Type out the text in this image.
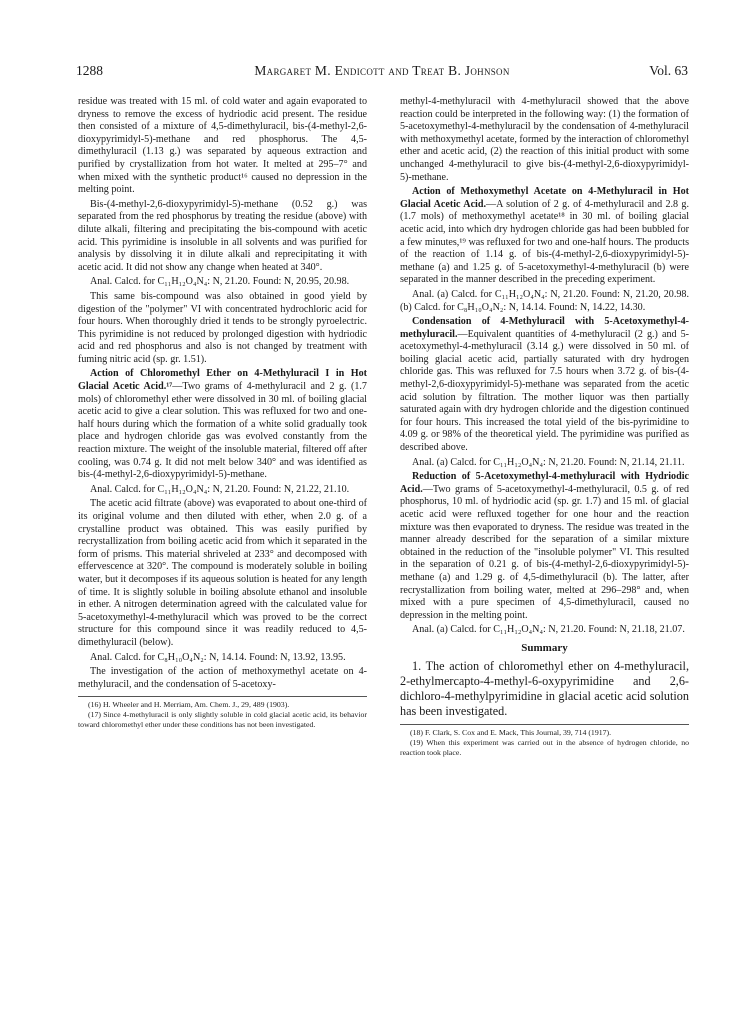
1288	Margaret M. Endicott and Treat B. Johnson	Vol. 63

residue was treated with 15 ml. of cold water and again evaporated to dryness to remove the excess of hydriodic acid present. The residue then consisted of a mixture of 4,5-dimethyluracil, bis-(4-methyl-2,6-dioxypyrimidyl-5)-methane and red phosphorus. The 4,5-dimethyluracil (1.13 g.) was separated by aqueous extraction and purified by crystallization from hot water. It melted at 295–7° and when mixed with the synthetic product¹⁶ caused no depression in the melting point.

Bis-(4-methyl-2,6-dioxypyrimidyl-5)-methane (0.52 g.) was separated from the red phosphorus by treating the residue (above) with dilute alkali, filtering and precipitating the bis-compound with acetic acid. This pyrimidine is insoluble in all solvents and was purified for analysis by dissolving it in dilute alkali and reprecipitating it with acetic acid. It did not show any change when heated at 340°.

Anal. Calcd. for C₁₁H₁₂O₄N₄: N, 21.20. Found: N, 20.95, 20.98.

This same bis-compound was also obtained in good yield by digestion of the "polymer" VI with concentrated hydrochloric acid for four hours. When thoroughly dried it tends to be strongly pyroelectric. This pyrimidine is not reduced by prolonged digestion with hydriodic acid and red phosphorus and also is not changed by treatment with fuming nitric acid (sp. gr. 1.51).

Action of Chloromethyl Ether on 4-Methyluracil I in Hot Glacial Acetic Acid.¹⁷—Two grams of 4-methyluracil and 2 g. (1.7 mols) of chloromethyl ether were dissolved in 30 ml. of boiling glacial acetic acid to give a clear solution. This was refluxed for two and one-half hours during which the formation of a white solid gradually took place and hydrogen chloride gas was evolved constantly from the reaction mixture. The weight of the insoluble material, filtered off after cooling, was 0.74 g. It did not melt below 340° and was identified as bis-(4-methyl-2,6-dioxypyrimidyl-5)-methane.

Anal. Calcd. for C₁₁H₁₂O₄N₄: N, 21.20. Found: N, 21.22, 21.10.

The acetic acid filtrate (above) was evaporated to about one-third of its original volume and then diluted with ether, when 2.0 g. of a crystalline product was obtained. This was easily purified by recrystallization from boiling acetic acid from which it separated in the form of prisms. This material shriveled at 233° and decomposed with effervescence at 320°. The compound is moderately soluble in boiling water, but it decomposes if its aqueous solution is heated for any length of time. It is slightly soluble in boiling absolute ethanol and insoluble in ether. A nitrogen determination agreed with the calculated value for 5-acetoxymethyl-4-methyluracil which was proved to be the correct structure for this compound since it was readily reduced to 4,5-dimethyluracil (below).

Anal. Calcd. for C₈H₁₀O₄N₂: N, 14.14. Found: N, 13.92, 13.95.

The investigation of the action of methoxymethyl acetate on 4-methyluracil, and the condensation of 5-acetoxy-

(16) H. Wheeler and H. Merriam, Am. Chem. J., 29, 489 (1903).

(17) Since 4-methyluracil is only slightly soluble in cold glacial acetic acid, its behavior toward chloromethyl ether under these conditions has not been investigated.

methyl-4-methyluracil with 4-methyluracil showed that the above reaction could be interpreted in the following way: (1) the formation of 5-acetoxymethyl-4-methyluracil by the condensation of 4-methyluracil with methoxymethyl acetate, formed by the interaction of chloromethyl ether and acetic acid, (2) the reaction of this initial product with some unchanged 4-methyluracil to give bis-(4-methyl-2,6-dioxypyrimidyl-5)-methane.

Action of Methoxymethyl Acetate on 4-Methyluracil in Hot Glacial Acetic Acid.—A solution of 2 g. of 4-methyluracil and 2.8 g. (1.7 mols) of methoxymethyl acetate¹⁸ in 30 ml. of boiling glacial acetic acid, into which dry hydrogen chloride gas had been bubbled for a few minutes,¹⁹ was refluxed for two and one-half hours. The products of the reaction of 1.14 g. of bis-(4-methyl-2,6-dioxypyrimidyl-5)-methane (a) and 1.25 g. of 5-acetoxymethyl-4-methyluracil (b) were separated in the manner described in the preceding experiment.

Anal. (a) Calcd. for C₁₁H₁₂O₄N₄: N, 21.20. Found: N, 21.20, 20.98. (b) Calcd. for C₈H₁₀O₄N₂: N, 14.14. Found: N, 14.22, 14.30.

Condensation of 4-Methyluracil with 5-Acetoxymethyl-4-methyluracil.—Equivalent quantities of 4-methyluracil (2 g.) and 5-acetoxymethyl-4-methyluracil (3.14 g.) were dissolved in 50 ml. of boiling glacial acetic acid, partially saturated with dry hydrogen chloride gas. This was refluxed for 7.5 hours when 3.72 g. of bis-(4-methyl-2,6-dioxypyrimidyl-5)-methane was separated from the acetic acid solution by filtration. The mother liquor was then partially saturated again with dry hydrogen chloride and the digestion continued for four hours. This increased the total yield of the bis-pyrimidine to 4.09 g. or 98% of the theoretical yield. The pyrimidine was purified as described above.

Anal. (a) Calcd. for C₁₁H₁₂O₄N₄: N, 21.20. Found: N, 21.14, 21.11.

Reduction of 5-Acetoxymethyl-4-methyluracil with Hydriodic Acid.—Two grams of 5-acetoxymethyl-4-methyluracil, 0.5 g. of red phosphorus, 10 ml. of hydriodic acid (sp. gr. 1.7) and 15 ml. of glacial acetic acid were refluxed together for one hour and the reaction mixture was then evaporated to dryness. The residue was treated in the manner already described for the separation of a similar mixture obtained in the reduction of the "insoluble polymer" VI. This resulted in the separation of 0.21 g. of bis-(4-methyl-2,6-dioxypyrimidyl-5)-methane (a) and 1.29 g. of 4,5-dimethyluracil (b). The latter, after recrystallization from boiling water, melted at 296–298° and, when mixed with a pure specimen of 4,5-dimethyluracil, caused no depression in the melting point.

Anal. (a) Calcd. for C₁₁H₁₂O₄N₄: N, 21.20. Found: N, 21.18, 21.07.

Summary

1. The action of chloromethyl ether on 4-methyluracil, 2-ethylmercapto-4-methyl-6-oxypyrimidine and 2,6-dichloro-4-methylpyrimidine in glacial acetic acid solution has been investigated.

(18) F. Clark, S. Cox and E. Mack, This Journal, 39, 714 (1917).

(19) When this experiment was carried out in the absence of hydrogen chloride, no reaction took place.
